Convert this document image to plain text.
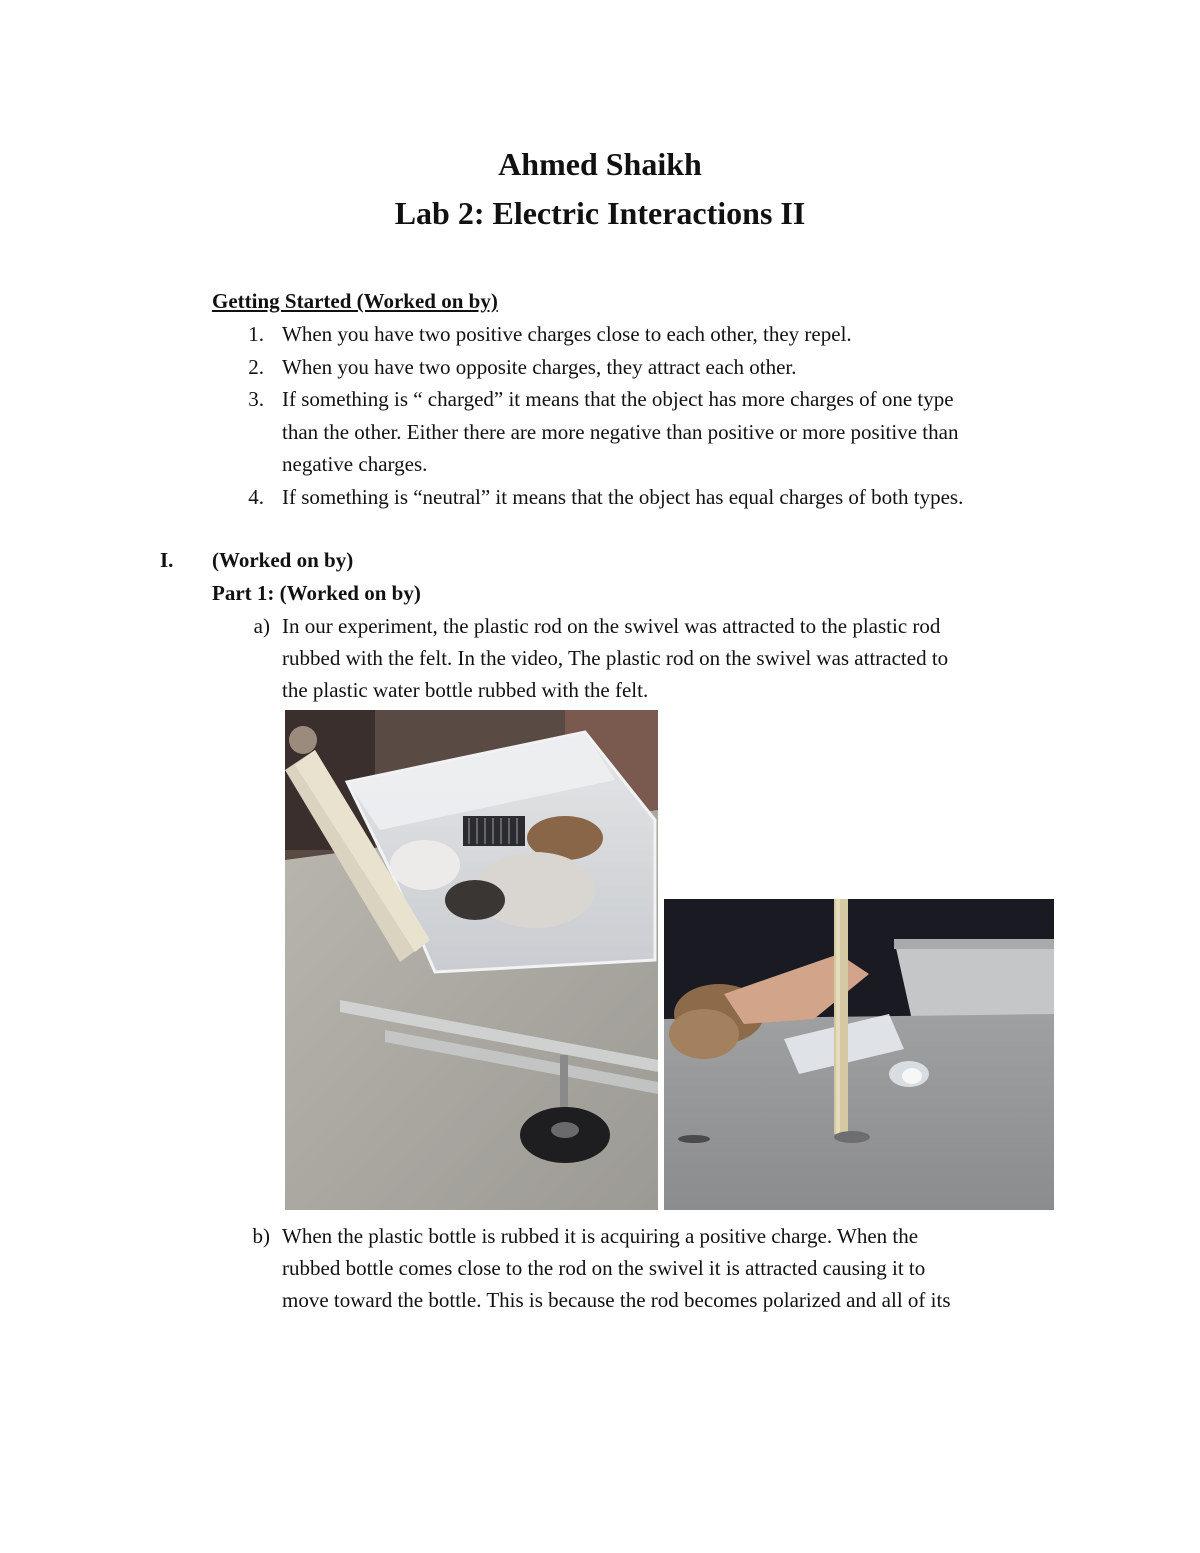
Ahmed Shaikh
Lab 2: Electric Interactions II
Getting Started (Worked on by)
1. When you have two positive charges close to each other, they repel.
2. When you have two opposite charges, they attract each other.
3. If something is “ charged” it means that the object has more charges of one type
than the other. Either there are more negative than positive or more positive than
negative charges.
4. If something is “neutral” it means that the object has equal charges of both types.
I. (Worked on by)
Part 1: (Worked on by)
a) In our experiment, the plastic rod on the swivel was attracted to the plastic rod
rubbed with the felt. In the video, The plastic rod on the swivel was attracted to
the plastic water bottle rubbed with the felt.
b) When the plastic bottle is rubbed it is acquiring a positive charge. When the
rubbed bottle comes close to the rod on the swivel it is attracted causing it to
move toward the bottle. This is because the rod becomes polarized and all of its
